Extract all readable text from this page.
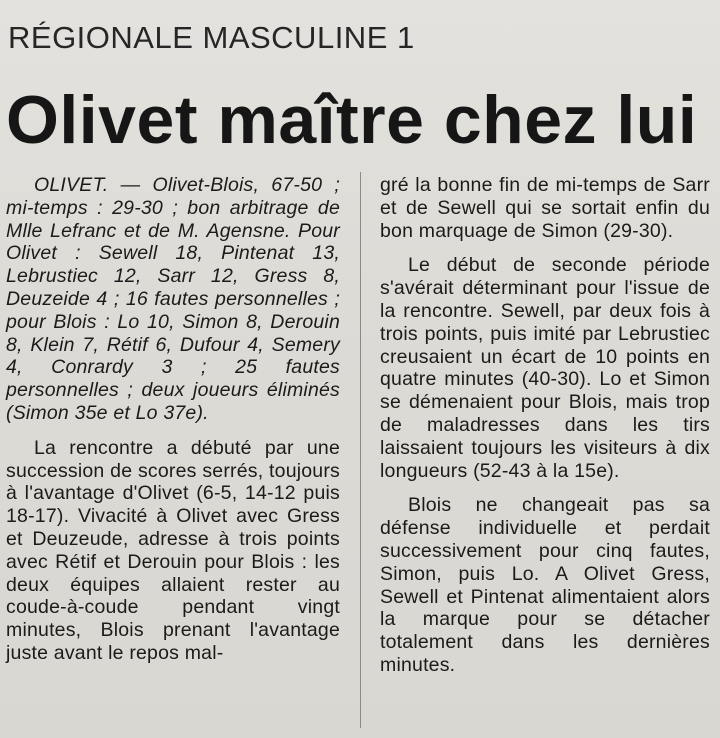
RÉGIONALE MASCULINE 1
Olivet maître chez lui

OLIVET. — Olivet-Blois, 67-50 ; mi-temps : 29-30 ; bon arbitrage de Mlle Lefranc et de M. Agensne. Pour Olivet : Sewell 18, Pintenat 13, Lebrustiec 12, Sarr 12, Gress 8, Deuzeide 4 ; 16 fautes personnelles ; pour Blois : Lo 10, Simon 8, Derouin 8, Klein 7, Rétif 6, Dufour 4, Semery 4, Conrardy 3 ; 25 fautes personnelles ; deux joueurs éliminés (Simon 35e et Lo 37e).

La rencontre a débuté par une succession de scores serrés, toujours à l'avantage d'Olivet (6-5, 14-12 puis 18-17). Vivacité à Olivet avec Gress et Deuzeude, adresse à trois points avec Rétif et Derouin pour Blois : les deux équipes allaient rester au coude-à-coude pendant vingt minutes, Blois prenant l'avantage juste avant le repos mal-

gré la bonne fin de mi-temps de Sarr et de Sewell qui se sortait enfin du bon marquage de Simon (29-30).

Le début de seconde période s'avérait déterminant pour l'issue de la rencontre. Sewell, par deux fois à trois points, puis imité par Lebrustiec creusaient un écart de 10 points en quatre minutes (40-30). Lo et Simon se démenaient pour Blois, mais trop de maladresses dans les tirs laissaient toujours les visiteurs à dix longueurs (52-43 à la 15e).

Blois ne changeait pas sa défense individuelle et perdait successivement pour cinq fautes, Simon, puis Lo. A Olivet Gress, Sewell et Pintenat alimentaient alors la marque pour se détacher totalement dans les dernières minutes.
